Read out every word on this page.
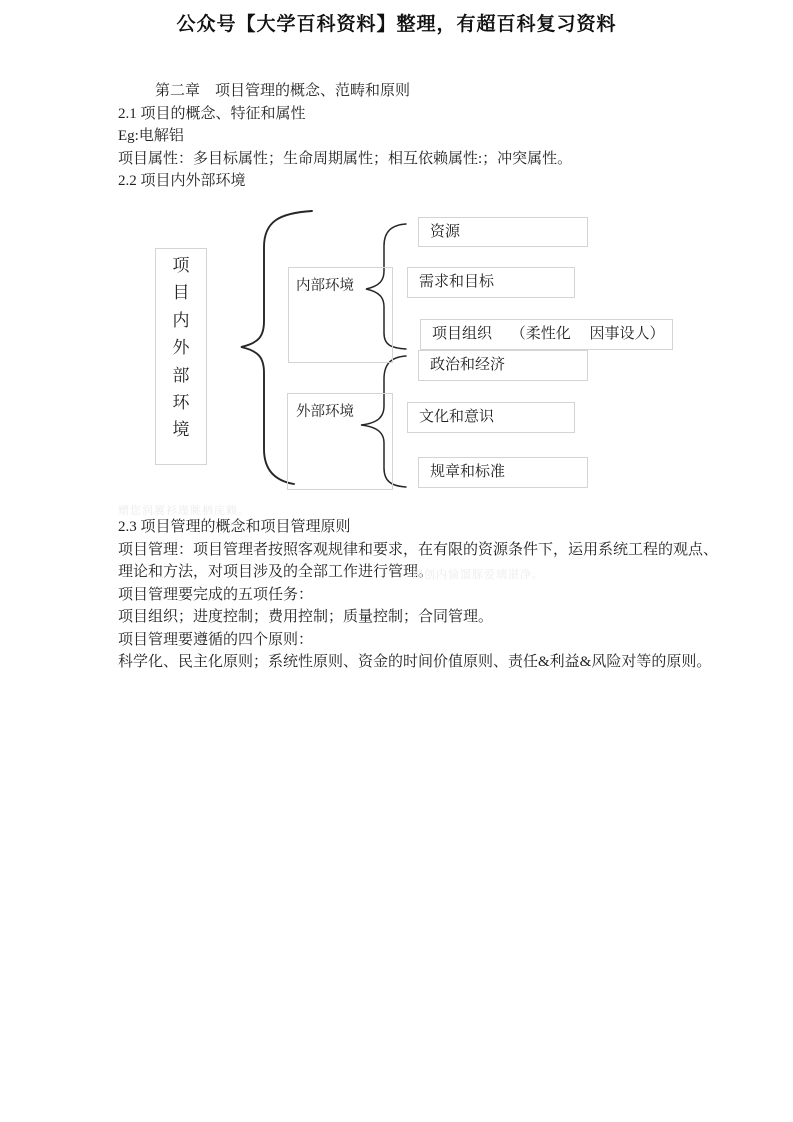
公众号【大学百科资料】整理，有超百科复习资料
第二章　项目管理的概念、范畴和原则
2.1 项目的概念、特征和属性
Eg:电解铝
项目属性：多目标属性；生命周期属性；相互依赖属性:；冲突属性。
2.2 项目内外部环境
项目内外部环境
内部环境
外部环境
资源
需求和目标
项目组织　 （柔性化　 因事设人）
政治和经济
文化和意识
规章和标准
赠您润翼衫瑾眺栖庑赖。
2.3 项目管理的概念和项目管理原则
项目管理：项目管理者按照客观规律和要求，在有限的资源条件下，运用系统工程的观点、
理论和方法，对项目涉及的全部工作进行管理。
项目管理要完成的五项任务：
项目组织；进度控制；费用控制；质量控制；合同管理。
项目管理要遵循的四个原则：
科学化、民主化原则；系统性原则、资金的时间价值原则、责任&利益&风险对等的原则。
圃创内愉馏豚爱璃湛净。
